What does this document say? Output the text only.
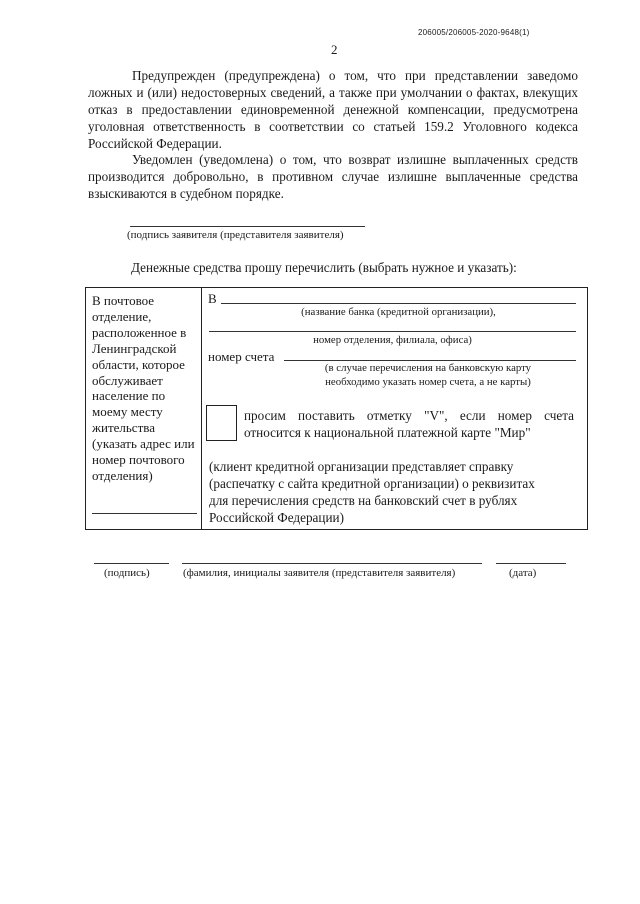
206005/206005-2020-9648(1)
2

Предупрежден (предупреждена) о том, что при представлении заведомо ложных и (или) недостоверных сведений, а также при умолчании о фактах, влекущих отказ в предоставлении единовременной денежной компенсации, предусмотрена уголовная ответственность в соответствии со статьей 159.2 Уголовного кодекса Российской Федерации.

Уведомлен (уведомлена) о том, что возврат излишне выплаченных средств производится добровольно, в противном случае излишне выплаченные средства взыскиваются в судебном порядке.

(подпись заявителя (представителя заявителя)
Денежные средства прошу перечислить (выбрать нужное и указать):
В почтовое отделение, расположенное в Ленинградской области, которое обслуживает население по моему месту жительства (указать адрес или номер почтового отделения)
В
(название банка (кредитной организации),
номер отделения, филиала, офиса)
номер счета
(в случае перечисления на банковскую карту
необходимо указать номер счета, а не карты)
просим поставить отметку "V", если номер счета относится к национальной платежной карте "Мир"
(клиент кредитной организации представляет справку
(распечатку с сайта кредитной организации) о реквизитах
для перечисления средств на банковский счет в рублях
Российской Федерации)
(подпись)	(фамилия, инициалы заявителя (представителя заявителя)	(дата)
